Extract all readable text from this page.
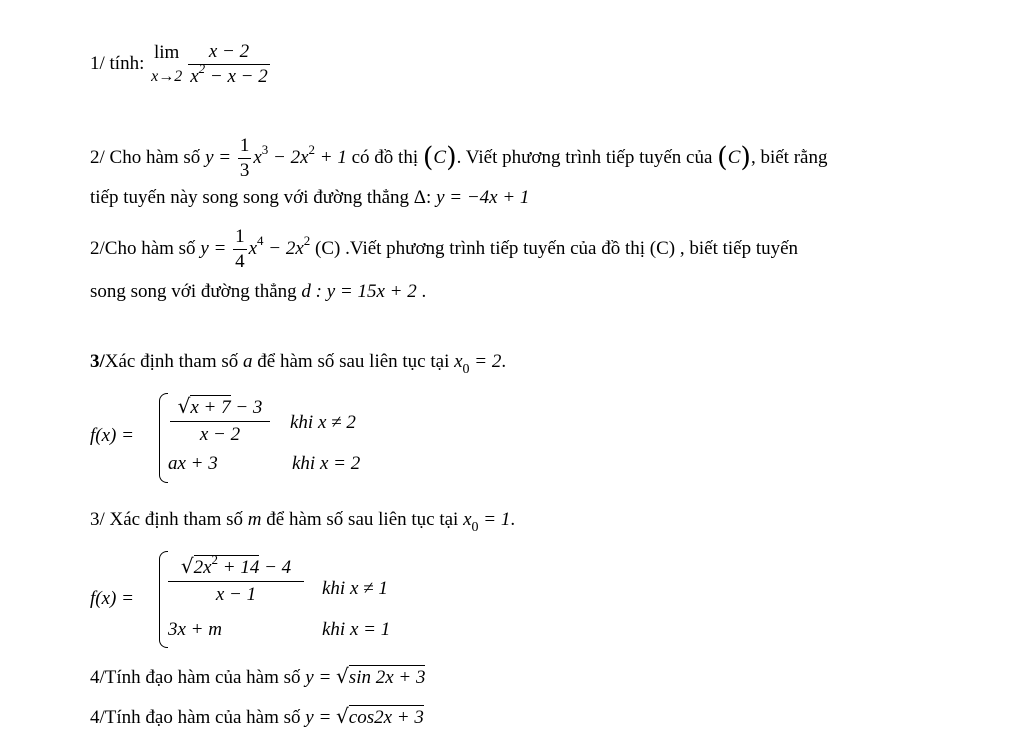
1/ tính:
lim
$x\to 2 \frac{x - 2}{x^2 - x - 2}$
2/ Cho hàm số $y = \frac{1}{3} x^3 - 2x^2 + 1$ có đồ thị (C). Viết phương trình tiếp tuyến của (C), biết rằng
tiếp tuyến này song song với đường thẳng Δ: y = −4x + 1
2/Cho hàm số $y = \frac{1}{4} x^4 - 2x^2$ (C) .Viết phương trình tiếp tuyến của đồ thị (C) , biết tiếp tuyến
song song với đường thẳng d : y = 15x + 2 .
3/Xác định tham số a để hàm số sau liên tục tại $x_0 = 2$.
$f(x) = \frac{√x + 7 - 3}{x - 2}$ khi x ≠ 2
ax + 3	khi x = 2
3/ Xác định tham số m để hàm số sau liên tục tại $x_0 = 1$.
$f(x) = \frac{√2x^2 + 14 - 4}{x - 1}$ khi x ≠ 1
3x + m	khi x = 1
4/Tính đạo hàm của hàm số y = √sin 2x + 3
4/Tính đạo hàm của hàm số y = √cos2x + 3
